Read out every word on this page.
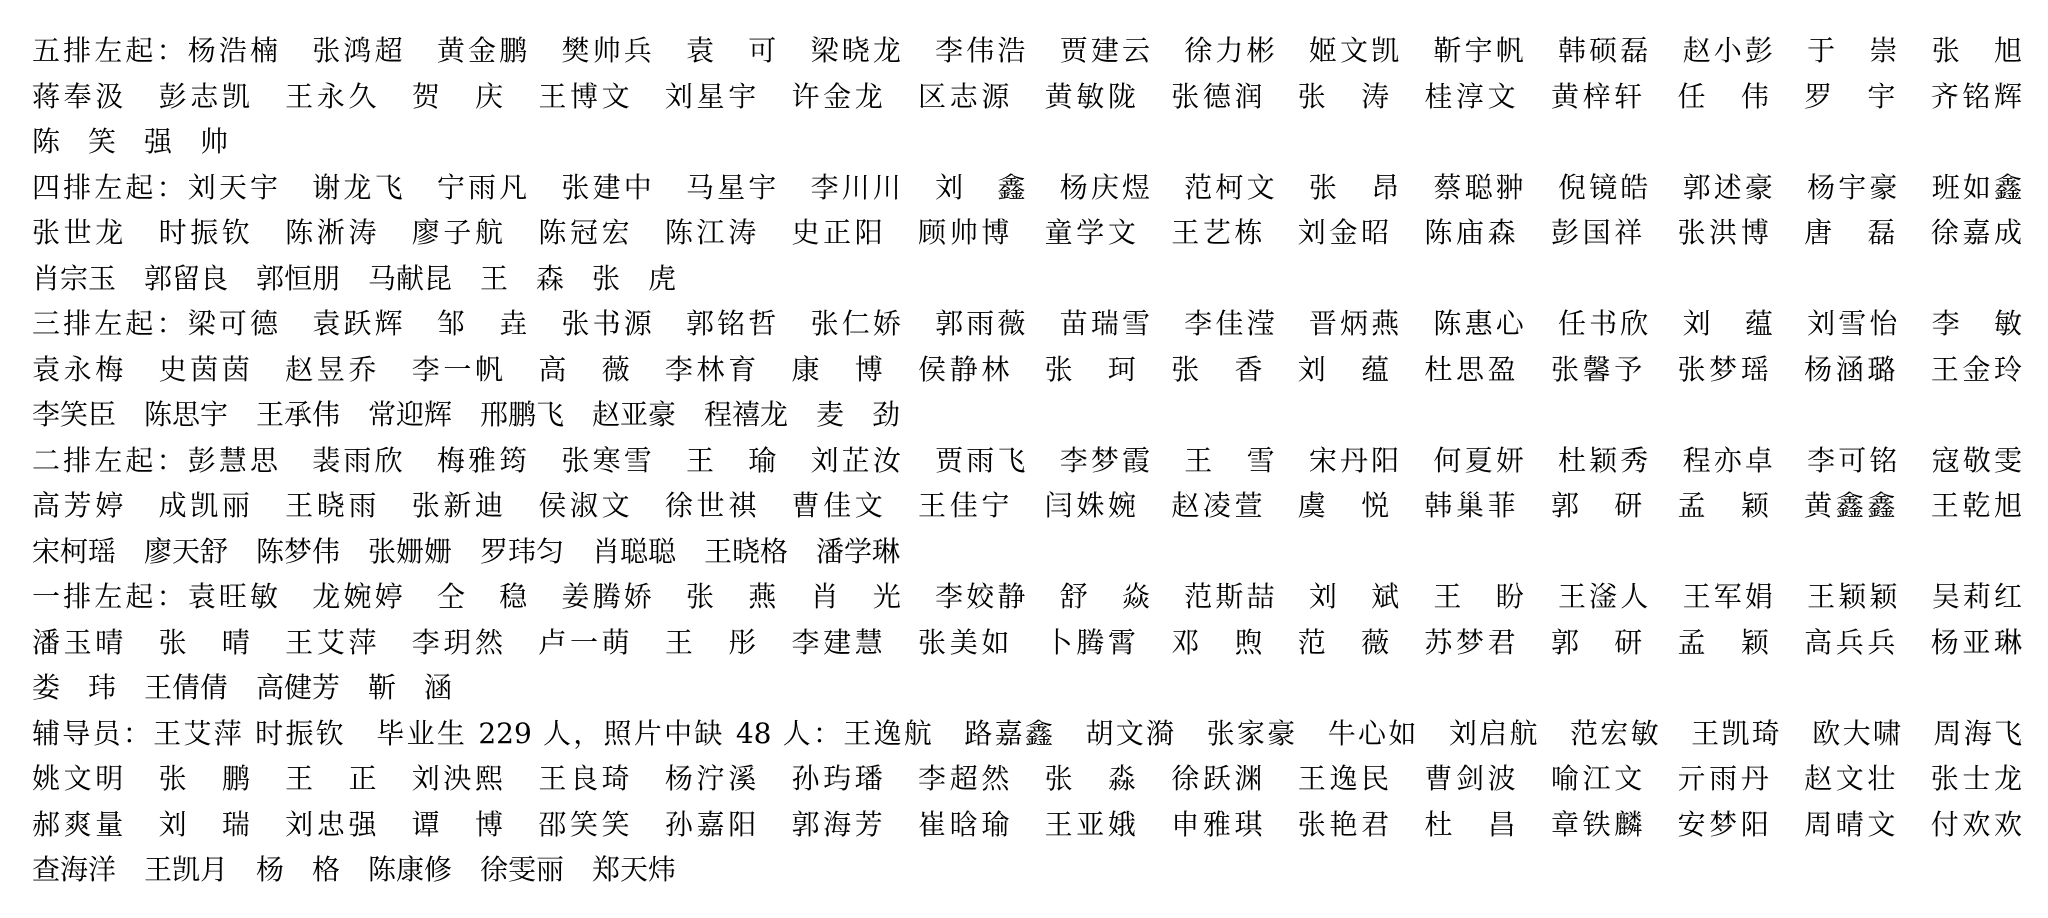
五排左起：杨浩楠　张鸿超　黄金鹏　樊帅兵　袁　可　梁晓龙　李伟浩　贾建云　徐力彬　姬文凯　靳宇帆　韩硕磊　赵小彭　于　崇　张　旭
蒋奉汲　彭志凯　王永久　贺　庆　王博文　刘星宇　许金龙　区志源　黄敏陇　张德润　张　涛　桂淳文　黄梓轩　任　伟　罗　宇　齐铭辉
陈　笑　强　帅
四排左起：刘天宇　谢龙飞　宁雨凡　张建中　马星宇　李川川　刘　鑫　杨庆煜　范柯文　张　昂　蔡聪翀　倪镜皓　郭述豪　杨宇豪　班如鑫
张世龙　时振钦　陈淅涛　廖子航　陈冠宏　陈江涛　史正阳　顾帅博　童学文　王艺栋　刘金昭　陈庙森　彭国祥　张洪博　唐　磊　徐嘉成
肖宗玉　郭留良　郭恒朋　马献昆　王　森　张　虎
三排左起：梁可德　袁跃辉　邹　垚　张书源　郭铭哲　张仁娇　郭雨薇　苗瑞雪　李佳滢　晋炳燕　陈惠心　任书欣　刘　蕴　刘雪怡　李　敏
袁永梅　史茵茵　赵昱乔　李一帆　高　薇　李林育　康　博　侯静林　张　珂　张　香　刘　蕴　杜思盈　张馨予　张梦瑶　杨涵璐　王金玲
李笑臣　陈思宇　王承伟　常迎辉　邢鹏飞　赵亚豪　程禧龙　麦　劲
二排左起：彭慧思　裴雨欣　梅雅筠　张寒雪　王　瑜　刘芷汝　贾雨飞　李梦霞　王　雪　宋丹阳　何夏妍　杜颖秀　程亦卓　李可铭　寇敬雯
高芳婷　成凯丽　王晓雨　张新迪　侯淑文　徐世祺　曹佳文　王佳宁　闫姝婉　赵凌萱　虞　悦　韩巢菲　郭　研　孟　颖　黄鑫鑫　王乾旭
宋柯瑶　廖天舒　陈梦伟　张姗姗　罗玮匀　肖聪聪　王晓格　潘学琳
一排左起：袁旺敏　龙婉婷　仝　稳　姜腾娇　张　燕　肖　光　李姣静　舒　焱　范斯喆　刘　斌　王　盼　王滏人　王军娟　王颖颖　吴莉红
潘玉晴　张　晴　王艾萍　李玥然　卢一萌　王　彤　李建慧　张美如　卜腾霄　邓　煦　范　薇　苏梦君　郭　研　孟　颖　高兵兵　杨亚琳
娄　玮　王倩倩　高健芳　靳　涵
辅导员：王艾萍 时振钦　毕业生 229 人，照片中缺 48 人：王逸航　路嘉鑫　胡文漪　张家豪　牛心如　刘启航　范宏敏　王凯琦　欧大啸　周海飞
姚文明　张　鹏　王　正　刘泱熙　王良琦　杨泞溪　孙玙璠　李超然　张　淼　徐跃渊　王逸民　曹剑波　喻江文　亓雨丹　赵文壮　张士龙
郝爽量　刘　瑞　刘忠强　谭　博　邵笑笑　孙嘉阳　郭海芳　崔晗瑜　王亚娥　申雅琪　张艳君　杜　昌　章铁麟　安梦阳　周晴文　付欢欢
查海洋　王凯月　杨　格　陈康修　徐雯丽　郑天炜
